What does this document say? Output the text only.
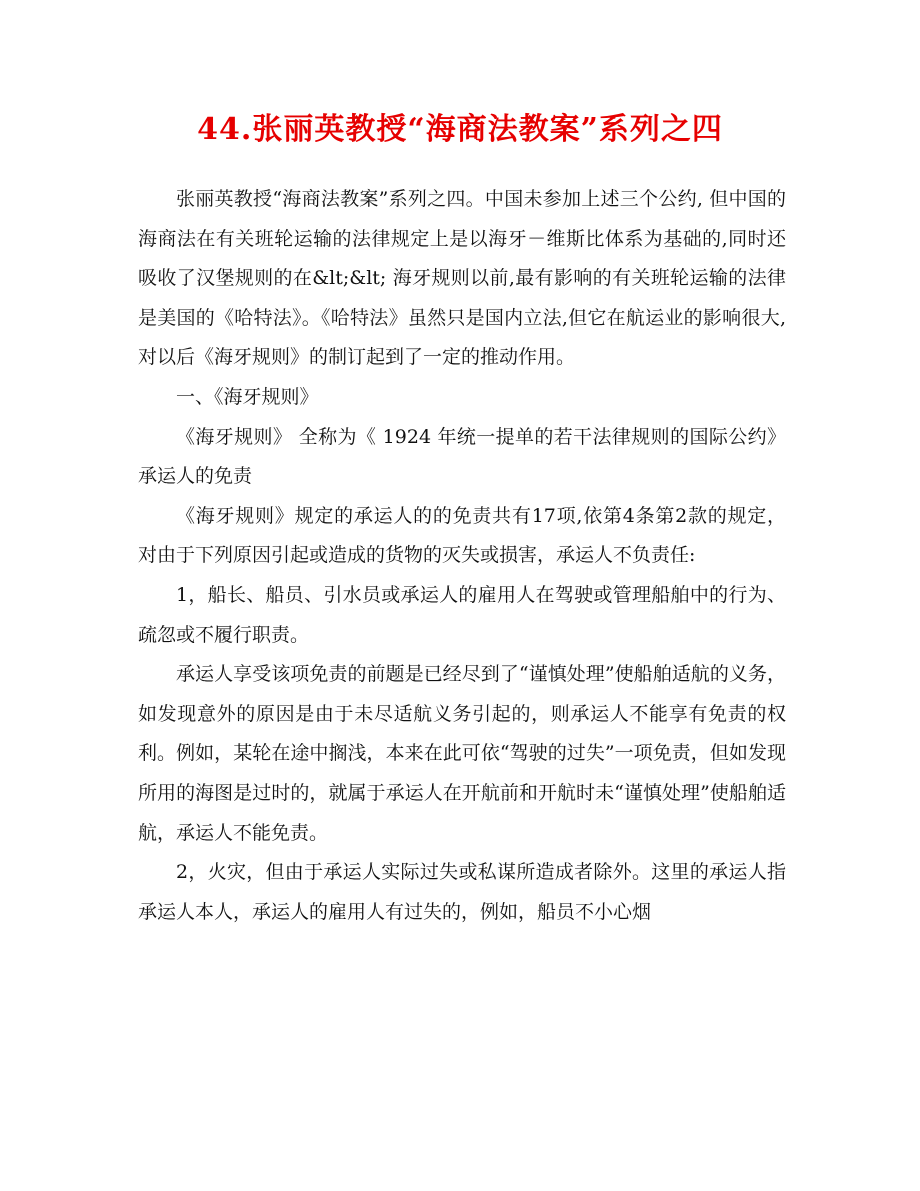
44.张丽英教授“海商法教案”系列之四

张丽英教授“海商法教案”系列之四。中国未参加上述三个公约, 但中国的海商法在有关班轮运输的法律规定上是以海牙－维斯比体系为基础的,同时还吸收了汉堡规则的在&lt;&lt; 海牙规则以前,最有影响的有关班轮运输的法律是美国的《哈特法》。《哈特法》虽然只是国内立法,但它在航运业的影响很大,对以后《海牙规则》的制订起到了一定的推动作用。

一、《海牙规则》

《海牙规则》 全称为《 1924 年统一提单的若干法律规则的国际公约》承运人的免责

《海牙规则》规定的承运人的的免责共有17项,依第4条第2款的规定， 对由于下列原因引起或造成的货物的灭失或损害，承运人不负责任:

1，船长、船员、引水员或承运人的雇用人在驾驶或管理船舶中的行为、疏忽或不履行职责。

承运人享受该项免责的前题是已经尽到了“谨慎处理”使船舶适航的义务，如发现意外的原因是由于未尽适航义务引起的，则承运人不能享有免责的权利。例如，某轮在途中搁浅，本来在此可依“驾驶的过失”一项免责，但如发现所用的海图是过时的，就属于承运人在开航前和开航时未“谨慎处理”使船舶适航，承运人不能免责。

2，火灾，但由于承运人实际过失或私谋所造成者除外。这里的承运人指承运人本人，承运人的雇用人有过失的，例如，船员不小心烟
